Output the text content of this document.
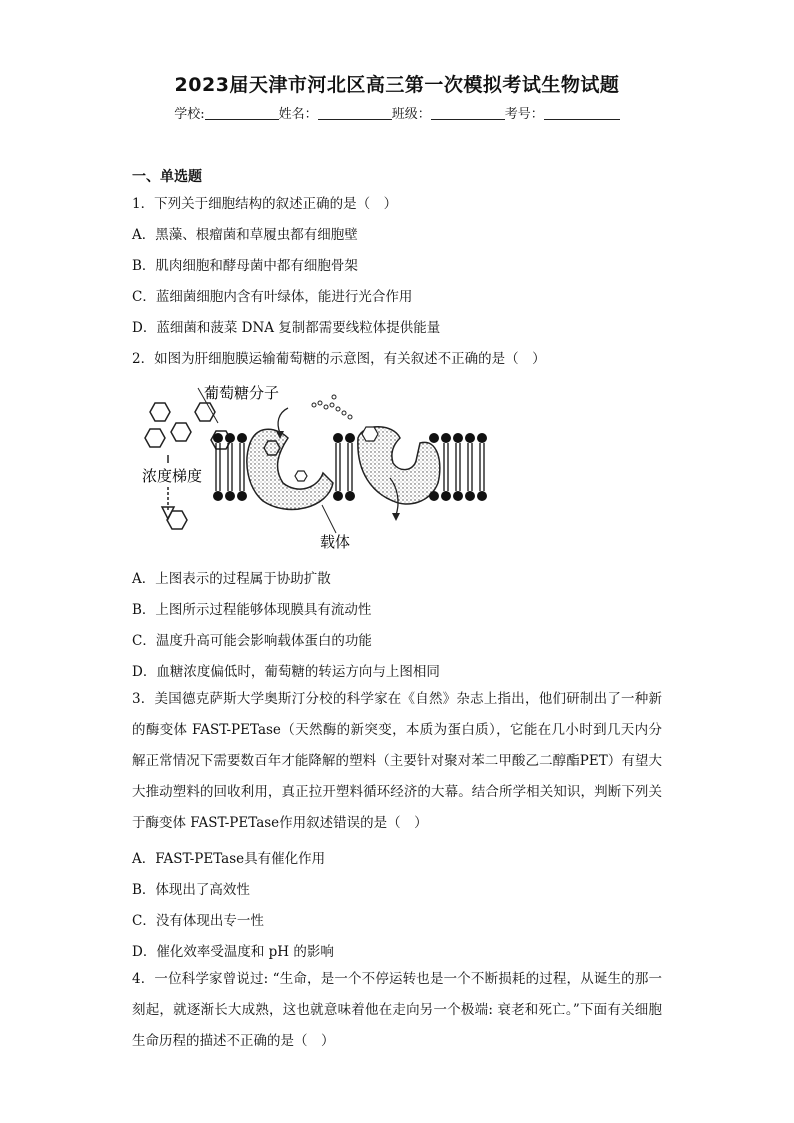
2023届天津市河北区高三第一次模拟考试生物试题
学校:	姓名：	班级：	考号：
一、单选题
1．下列关于细胞结构的叙述正确的是（　）
A．黑藻、根瘤菌和草履虫都有细胞壁
B．肌肉细胞和酵母菌中都有细胞骨架
C．蓝细菌细胞内含有叶绿体，能进行光合作用
D．蓝细菌和菠菜 DNA 复制都需要线粒体提供能量
2．如图为肝细胞膜运输葡萄糖的示意图，有关叙述不正确的是（　）
葡萄糖分子
浓度梯度
载体
A．上图表示的过程属于协助扩散
B．上图所示过程能够体现膜具有流动性
C．温度升高可能会影响载体蛋白的功能
D．血糖浓度偏低时，葡萄糖的转运方向与上图相同
3．美国德克萨斯大学奥斯汀分校的科学家在《自然》杂志上指出，他们研制出了一种新的酶变体 FAST-PETase（天然酶的新突变，本质为蛋白质），它能在几小时到几天内分解正常情况下需要数百年才能降解的塑料（主要针对聚对苯二甲酸乙二醇酯PET）有望大大推动塑料的回收利用，真正拉开塑料循环经济的大幕。结合所学相关知识，判断下列关于酶变体 FAST-PETase作用叙述错误的是（　）
A．FAST-PETase具有催化作用
B．体现出了高效性
C．没有体现出专一性
D．催化效率受温度和 pH 的影响
4．一位科学家曾说过: “生命，是一个不停运转也是一个不断损耗的过程，从诞生的那一刻起，就逐渐长大成熟，这也就意味着他在走向另一个极端: 衰老和死亡。”下面有关细胞生命历程的描述不正确的是（　）
